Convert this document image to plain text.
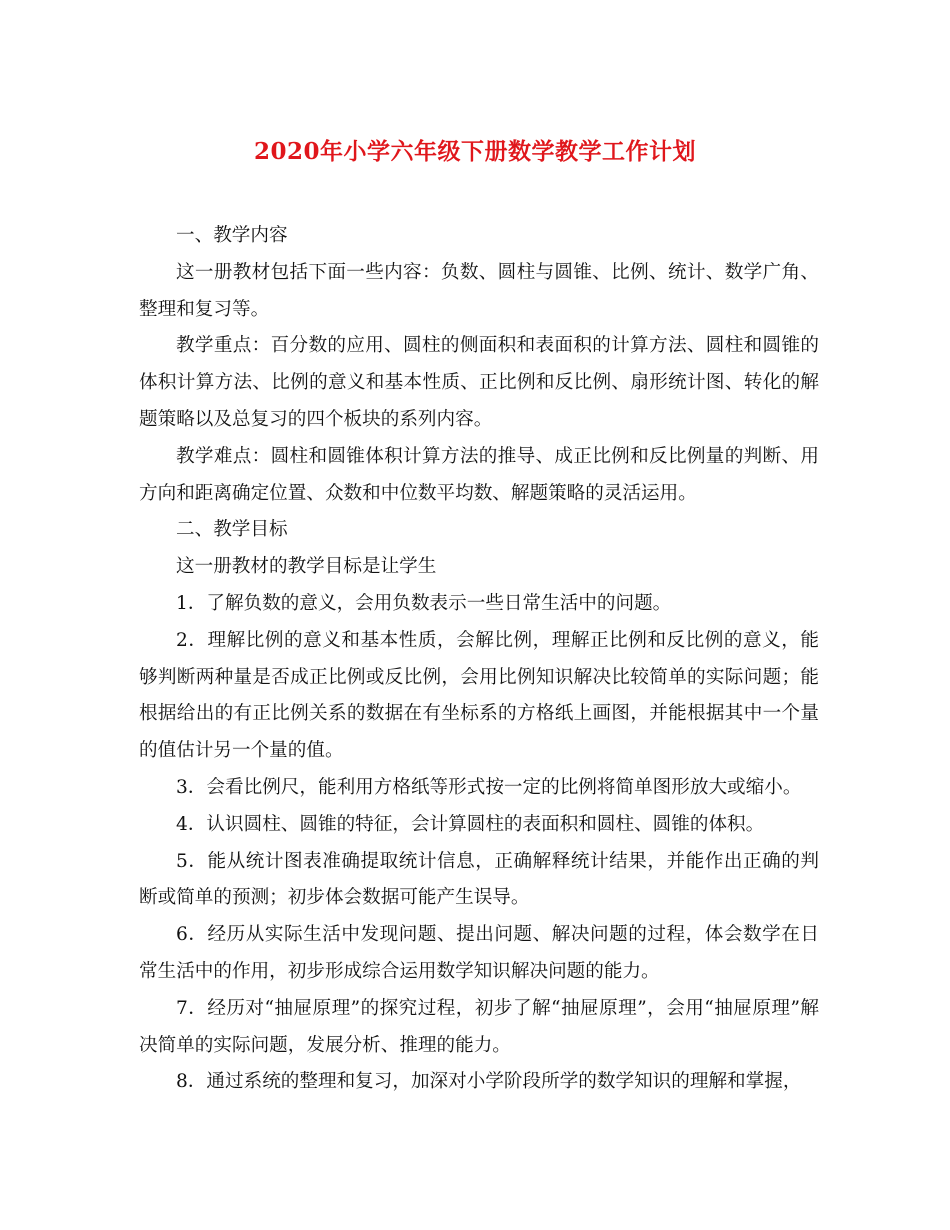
2020年小学六年级下册数学教学工作计划

一、教学内容

这一册教材包括下面一些内容：负数、圆柱与圆锥、比例、统计、数学广角、整理和复习等。

教学重点：百分数的应用、圆柱的侧面积和表面积的计算方法、圆柱和圆锥的体积计算方法、比例的意义和基本性质、正比例和反比例、扇形统计图、转化的解题策略以及总复习的四个板块的系列内容。

教学难点：圆柱和圆锥体积计算方法的推导、成正比例和反比例量的判断、用方向和距离确定位置、众数和中位数平均数、解题策略的灵活运用。

二、教学目标

这一册教材的教学目标是让学生

1．了解负数的意义，会用负数表示一些日常生活中的问题。

2．理解比例的意义和基本性质，会解比例，理解正比例和反比例的意义，能够判断两种量是否成正比例或反比例，会用比例知识解决比较简单的实际问题；能根据给出的有正比例关系的数据在有坐标系的方格纸上画图，并能根据其中一个量的值估计另一个量的值。

3．会看比例尺，能利用方格纸等形式按一定的比例将简单图形放大或缩小。

4．认识圆柱、圆锥的特征，会计算圆柱的表面积和圆柱、圆锥的体积。

5．能从统计图表准确提取统计信息，正确解释统计结果，并能作出正确的判断或简单的预测；初步体会数据可能产生误导。

6．经历从实际生活中发现问题、提出问题、解决问题的过程，体会数学在日常生活中的作用，初步形成综合运用数学知识解决问题的能力。

7．经历对“抽屉原理”的探究过程，初步了解“抽屉原理”，会用“抽屉原理”解决简单的实际问题，发展分析、推理的能力。

8．通过系统的整理和复习，加深对小学阶段所学的数学知识的理解和掌握，
